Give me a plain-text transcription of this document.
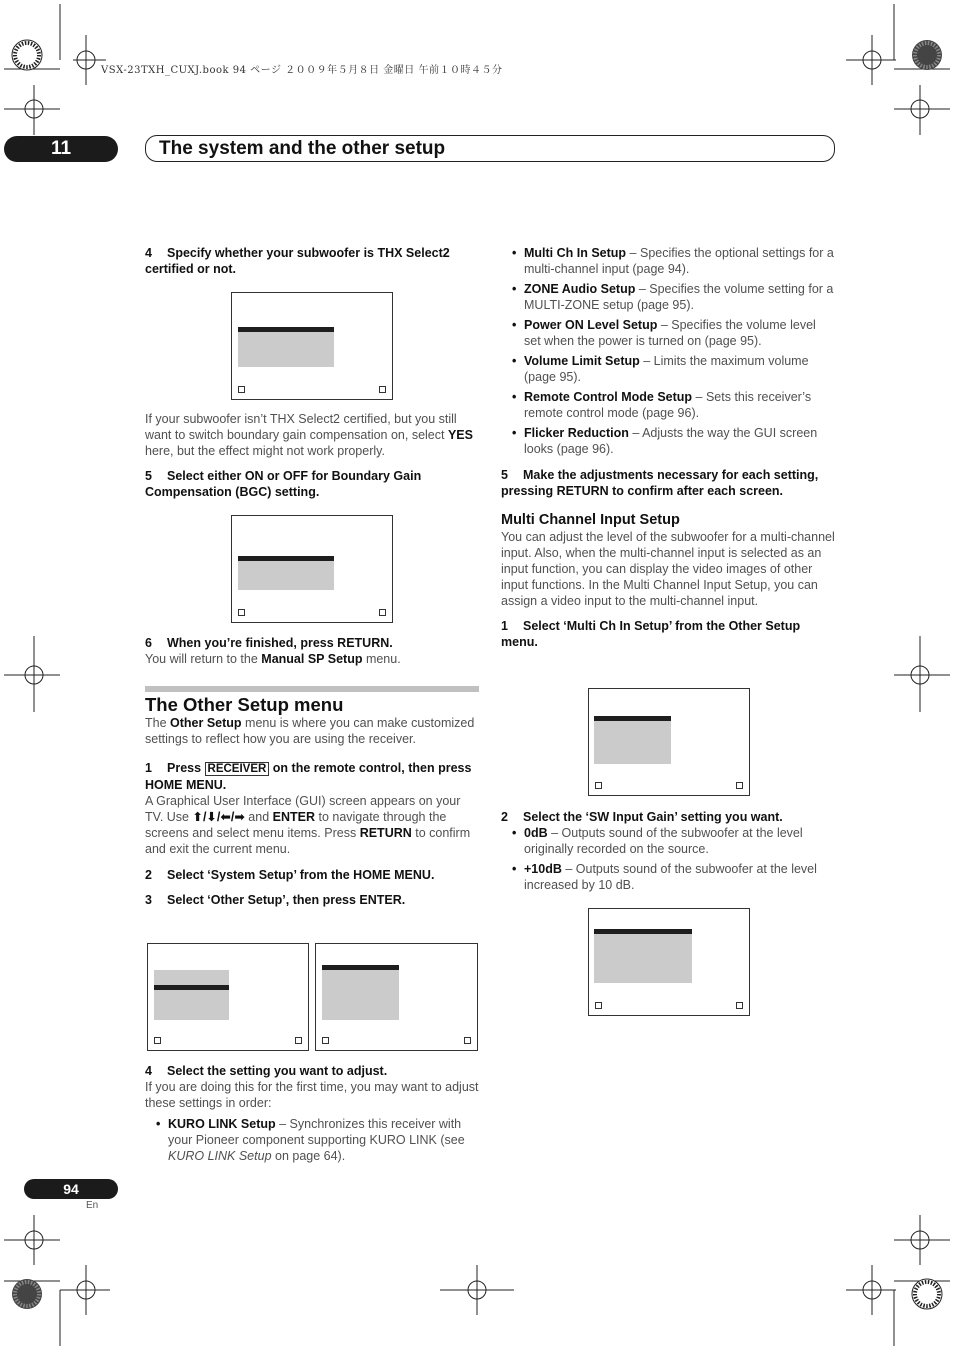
VSX-23TXH_CUXJ.book 94 ページ ２００９年５月８日 金曜日 午前１０時４５分
11	The system and the other setup

4 Specify whether your subwoofer is THX Select2 certified or not.

If your subwoofer isn’t THX Select2 certified, but you still want to switch boundary gain compensation on, select YES here, but the effect might not work properly.

5 Select either ON or OFF for Boundary Gain Compensation (BGC) setting.

6 When you’re finished, press RETURN.

You will return to the Manual SP Setup menu.

The Other Setup menu

The Other Setup menu is where you can make customized settings to reflect how you are using the receiver.

1 Press RECEIVER on the remote control, then press HOME MENU.

A Graphical User Interface (GUI) screen appears on your TV. Use ⬆/⬇/⬅/➡ and ENTER to navigate through the screens and select menu items. Press RETURN to confirm and exit the current menu.

2 Select ‘System Setup’ from the HOME MENU.

3 Select ‘Other Setup’, then press ENTER.

4 Select the setting you want to adjust.

If you are doing this for the first time, you may want to adjust these settings in order:

• KURO LINK Setup – Synchronizes this receiver with your Pioneer component supporting KURO LINK (see KURO LINK Setup on page 64).
• Multi Ch In Setup – Specifies the optional settings for a multi-channel input (page 94).
• ZONE Audio Setup – Specifies the volume setting for a MULTI-ZONE setup (page 95).
• Power ON Level Setup – Specifies the volume level set when the power is turned on (page 95).
• Volume Limit Setup – Limits the maximum volume (page 95).
• Remote Control Mode Setup – Sets this receiver’s remote control mode (page 96).
• Flicker Reduction – Adjusts the way the GUI screen looks (page 96).

5 Make the adjustments necessary for each setting, pressing RETURN to confirm after each screen.

Multi Channel Input Setup

You can adjust the level of the subwoofer for a multi-channel input. Also, when the multi-channel input is selected as an input function, you can display the video images of other input functions. In the Multi Channel Input Setup, you can assign a video input to the multi-channel input.

1 Select ‘Multi Ch In Setup’ from the Other Setup menu.

2 Select the ‘SW Input Gain’ setting you want.

• 0dB – Outputs sound of the subwoofer at the level originally recorded on the source.
• +10dB – Outputs sound of the subwoofer at the level increased by 10 dB.
94
En
